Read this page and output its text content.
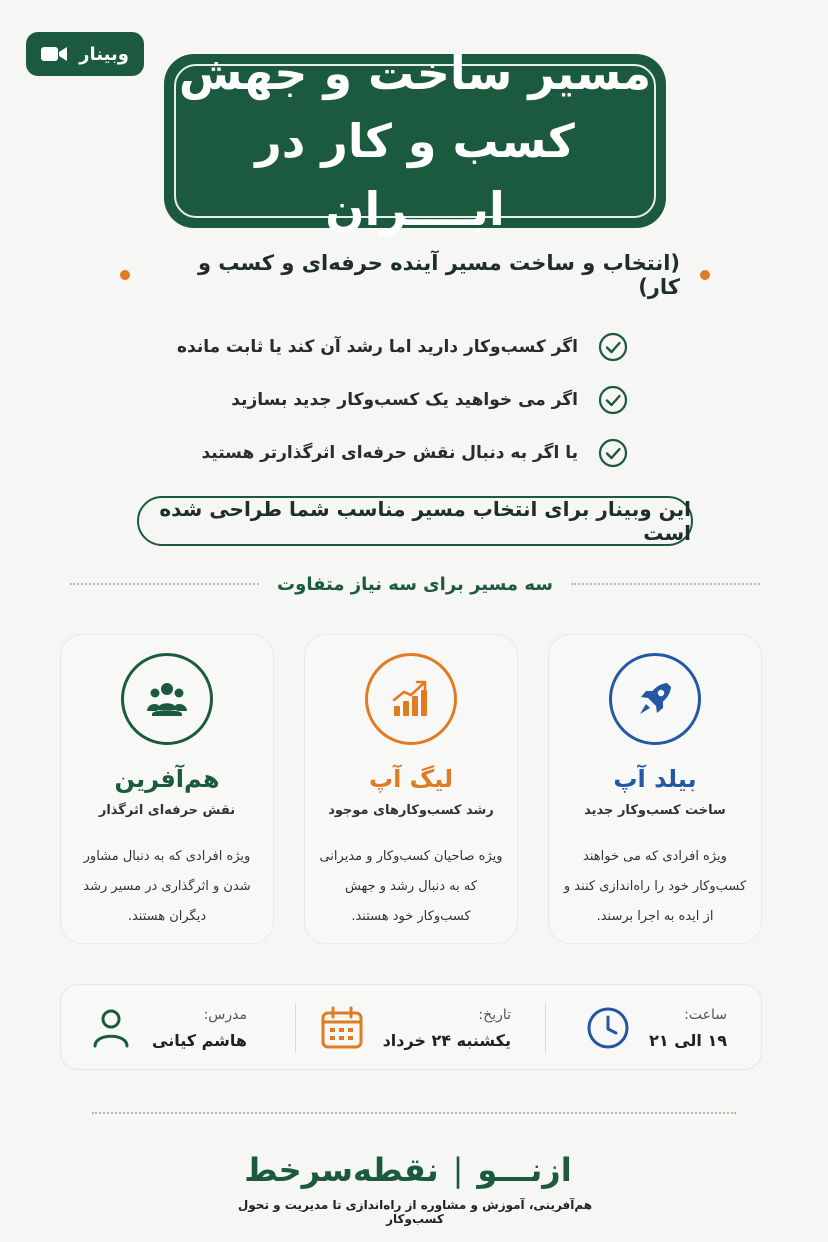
وبینار مسیر ساخت و جهش
کسب و کار در ایــــران
(انتخاب و ساخت مسیر آینده حرفه‌ای و کسب و کار)
اگر کسب‌وکار دارید اما رشد آن کند یا ثابت مانده
اگر می خواهید یک کسب‌وکار جدید بسازید
یا اگر به دنبال نقش حرفه‌ای اثرگذارتر هستید
این وبینار برای انتخاب مسیر مناسب شما طراحی شده است
سه مسیر برای سه نیاز متفاوت
بیلد آپ
ساخت کسب‌وکار جدید
ویژه افرادی که می خواهند کسب‌وکار خود را راه‌اندازی کنند و از ایده به اجرا برسند.
لیگ آپ
رشد کسب‌وکارهای موجود
ویژه صاحیان کسب‌وکار و مدیرانی که به دنبال رشد و جهش کسب‌وکار خود هستند.
هم‌آفرین
نقش حرفه‌ای اثرگذار
ویژه افرادی که به دنبال مشاور شدن و اثرگذاری در مسیر رشد دیگران هستند.
ساعت:
۱۹ الی ۲۱
تاریخ:
یکشنبه ۲۴ خرداد
مدرس:
هاشم کیانی
ازنـــو
|
نقطه‌سرخط
هم‌آفرینی، آموزش و مشاوره از راه‌اندازی تا مدیریت و تحول کسب‌وکار
